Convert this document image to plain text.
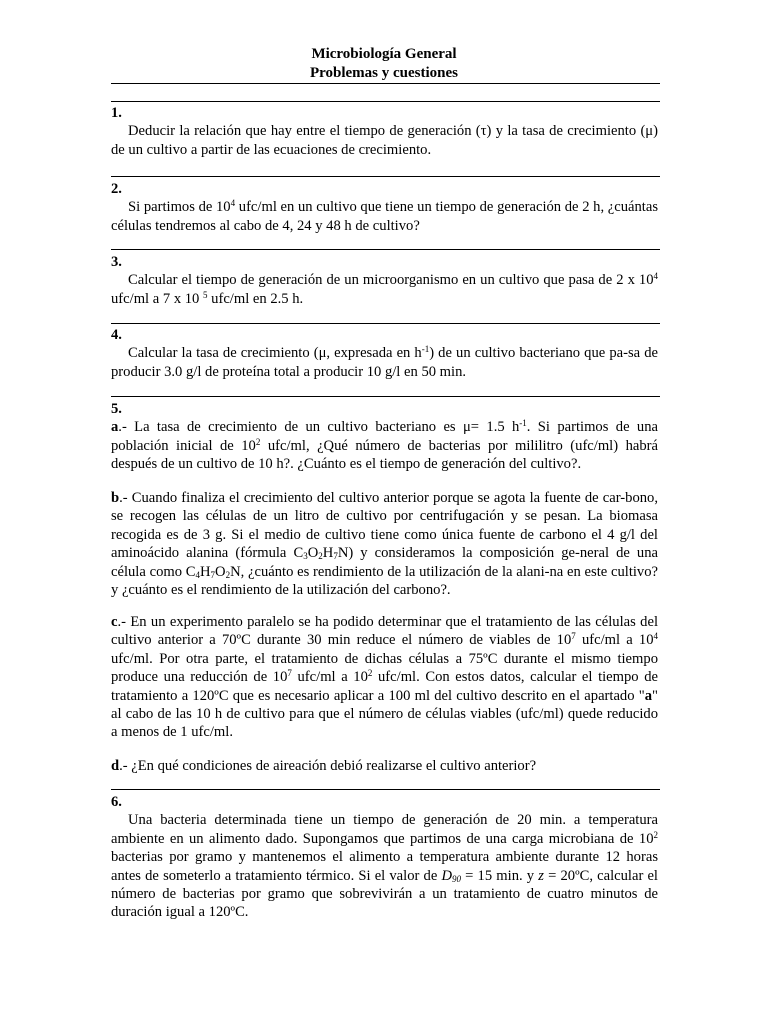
Microbiología General
Problemas y cuestiones
1.

Deducir la relación que hay entre el tiempo de generación (τ) y la tasa de crecimiento (μ) de un cultivo a partir de las ecuaciones de crecimiento.

2.

Si partimos de $10^4$ ufc/ml en un cultivo que tiene un tiempo de generación de 2 h, ¿cuántas células tendremos al cabo de 4, 24 y 48 h de cultivo?

3.

Calcular el tiempo de generación de un microorganismo en un cultivo que pasa de 2 x $10^4$ ufc/ml a 7 x 10 $^5$ ufc/ml en 2.5 h.

4.

Calcular la tasa de crecimiento (μ, expresada en $h^{-1}$) de un cultivo bacteriano que pa-sa de producir 3.0 g/l de proteína total a producir 10 g/l en 50 min.

5.

a.- La tasa de crecimiento de un cultivo bacteriano es μ= 1.5 $h^{-1}$. Si partimos de una población inicial de $10^2$ ufc/ml, ¿Qué número de bacterias por mililitro (ufc/ml) habrá después de un cultivo de 10 h?. ¿Cuánto es el tiempo de generación del cultivo?.

b.- Cuando finaliza el crecimiento del cultivo anterior porque se agota la fuente de car-bono, se recogen las células de un litro de cultivo por centrifugación y se pesan. La biomasa recogida es de 3 g. Si el medio de cultivo tiene como única fuente de carbono el 4 g/l del aminoácido alanina (fórmula $C_3O_2H_7N$) y consideramos la composición ge-neral de una célula como $C_4H_7O_2N$, ¿cuánto es rendimiento de la utilización de la alani-na en este cultivo? y ¿cuánto es el rendimiento de la utilización del carbono?.

c.- En un experimento paralelo se ha podido determinar que el tratamiento de las células del cultivo anterior a 70ºC durante 30 min reduce el número de viables de $10^7$ ufc/ml a $10^4$ ufc/ml. Por otra parte, el tratamiento de dichas células a 75ºC durante el mismo tiempo produce una reducción de $10^7$ ufc/ml a $10^2$ ufc/ml. Con estos datos, calcular el tiempo de tratamiento a 120ºC que es necesario aplicar a 100 ml del cultivo descrito en el apartado "a" al cabo de las 10 h de cultivo para que el número de células viables (ufc/ml) quede reducido a menos de 1 ufc/ml.

d.- ¿En qué condiciones de aireación debió realizarse el cultivo anterior?

6.

Una bacteria determinada tiene un tiempo de generación de 20 min. a temperatura ambiente en un alimento dado. Supongamos que partimos de una carga microbiana de $10^2$ bacterias por gramo y mantenemos el alimento a temperatura ambiente durante 12 horas antes de someterlo a tratamiento térmico. Si el valor de $D_{90} = 15$ min. y z = 20ºC, calcular el número de bacterias por gramo que sobrevivirán a un tratamiento de cuatro minutos de duración igual a 120ºC.
